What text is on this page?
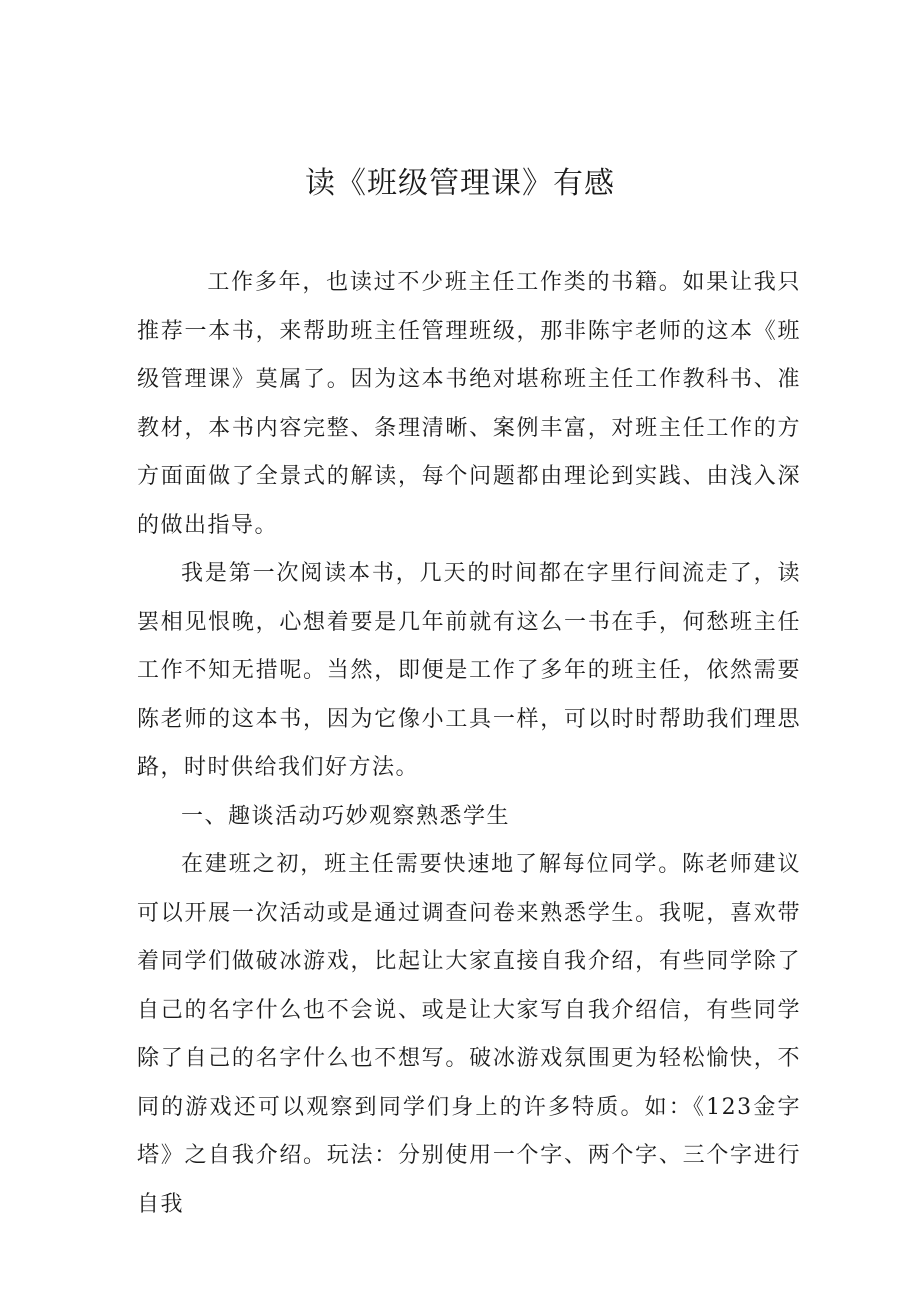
读《班级管理课》有感

工作多年，也读过不少班主任工作类的书籍。如果让我只推荐一本书，来帮助班主任管理班级，那非陈宇老师的这本《班级管理课》莫属了。因为这本书绝对堪称班主任工作教科书、准教材，本书内容完整、条理清晰、案例丰富，对班主任工作的方方面面做了全景式的解读，每个问题都由理论到实践、由浅入深的做出指导。

我是第一次阅读本书，几天的时间都在字里行间流走了，读罢相见恨晚，心想着要是几年前就有这么一书在手，何愁班主任工作不知无措呢。当然，即便是工作了多年的班主任，依然需要陈老师的这本书，因为它像小工具一样，可以时时帮助我们理思路，时时供给我们好方法。

一、趣谈活动巧妙观察熟悉学生

在建班之初，班主任需要快速地了解每位同学。陈老师建议可以开展一次活动或是通过调查问卷来熟悉学生。我呢，喜欢带着同学们做破冰游戏，比起让大家直接自我介绍，有些同学除了自己的名字什么也不会说、或是让大家写自我介绍信，有些同学除了自己的名字什么也不想写。破冰游戏氛围更为轻松愉快，不同的游戏还可以观察到同学们身上的许多特质。如：《123金字塔》之自我介绍。玩法：分别使用一个字、两个字、三个字进行自我
